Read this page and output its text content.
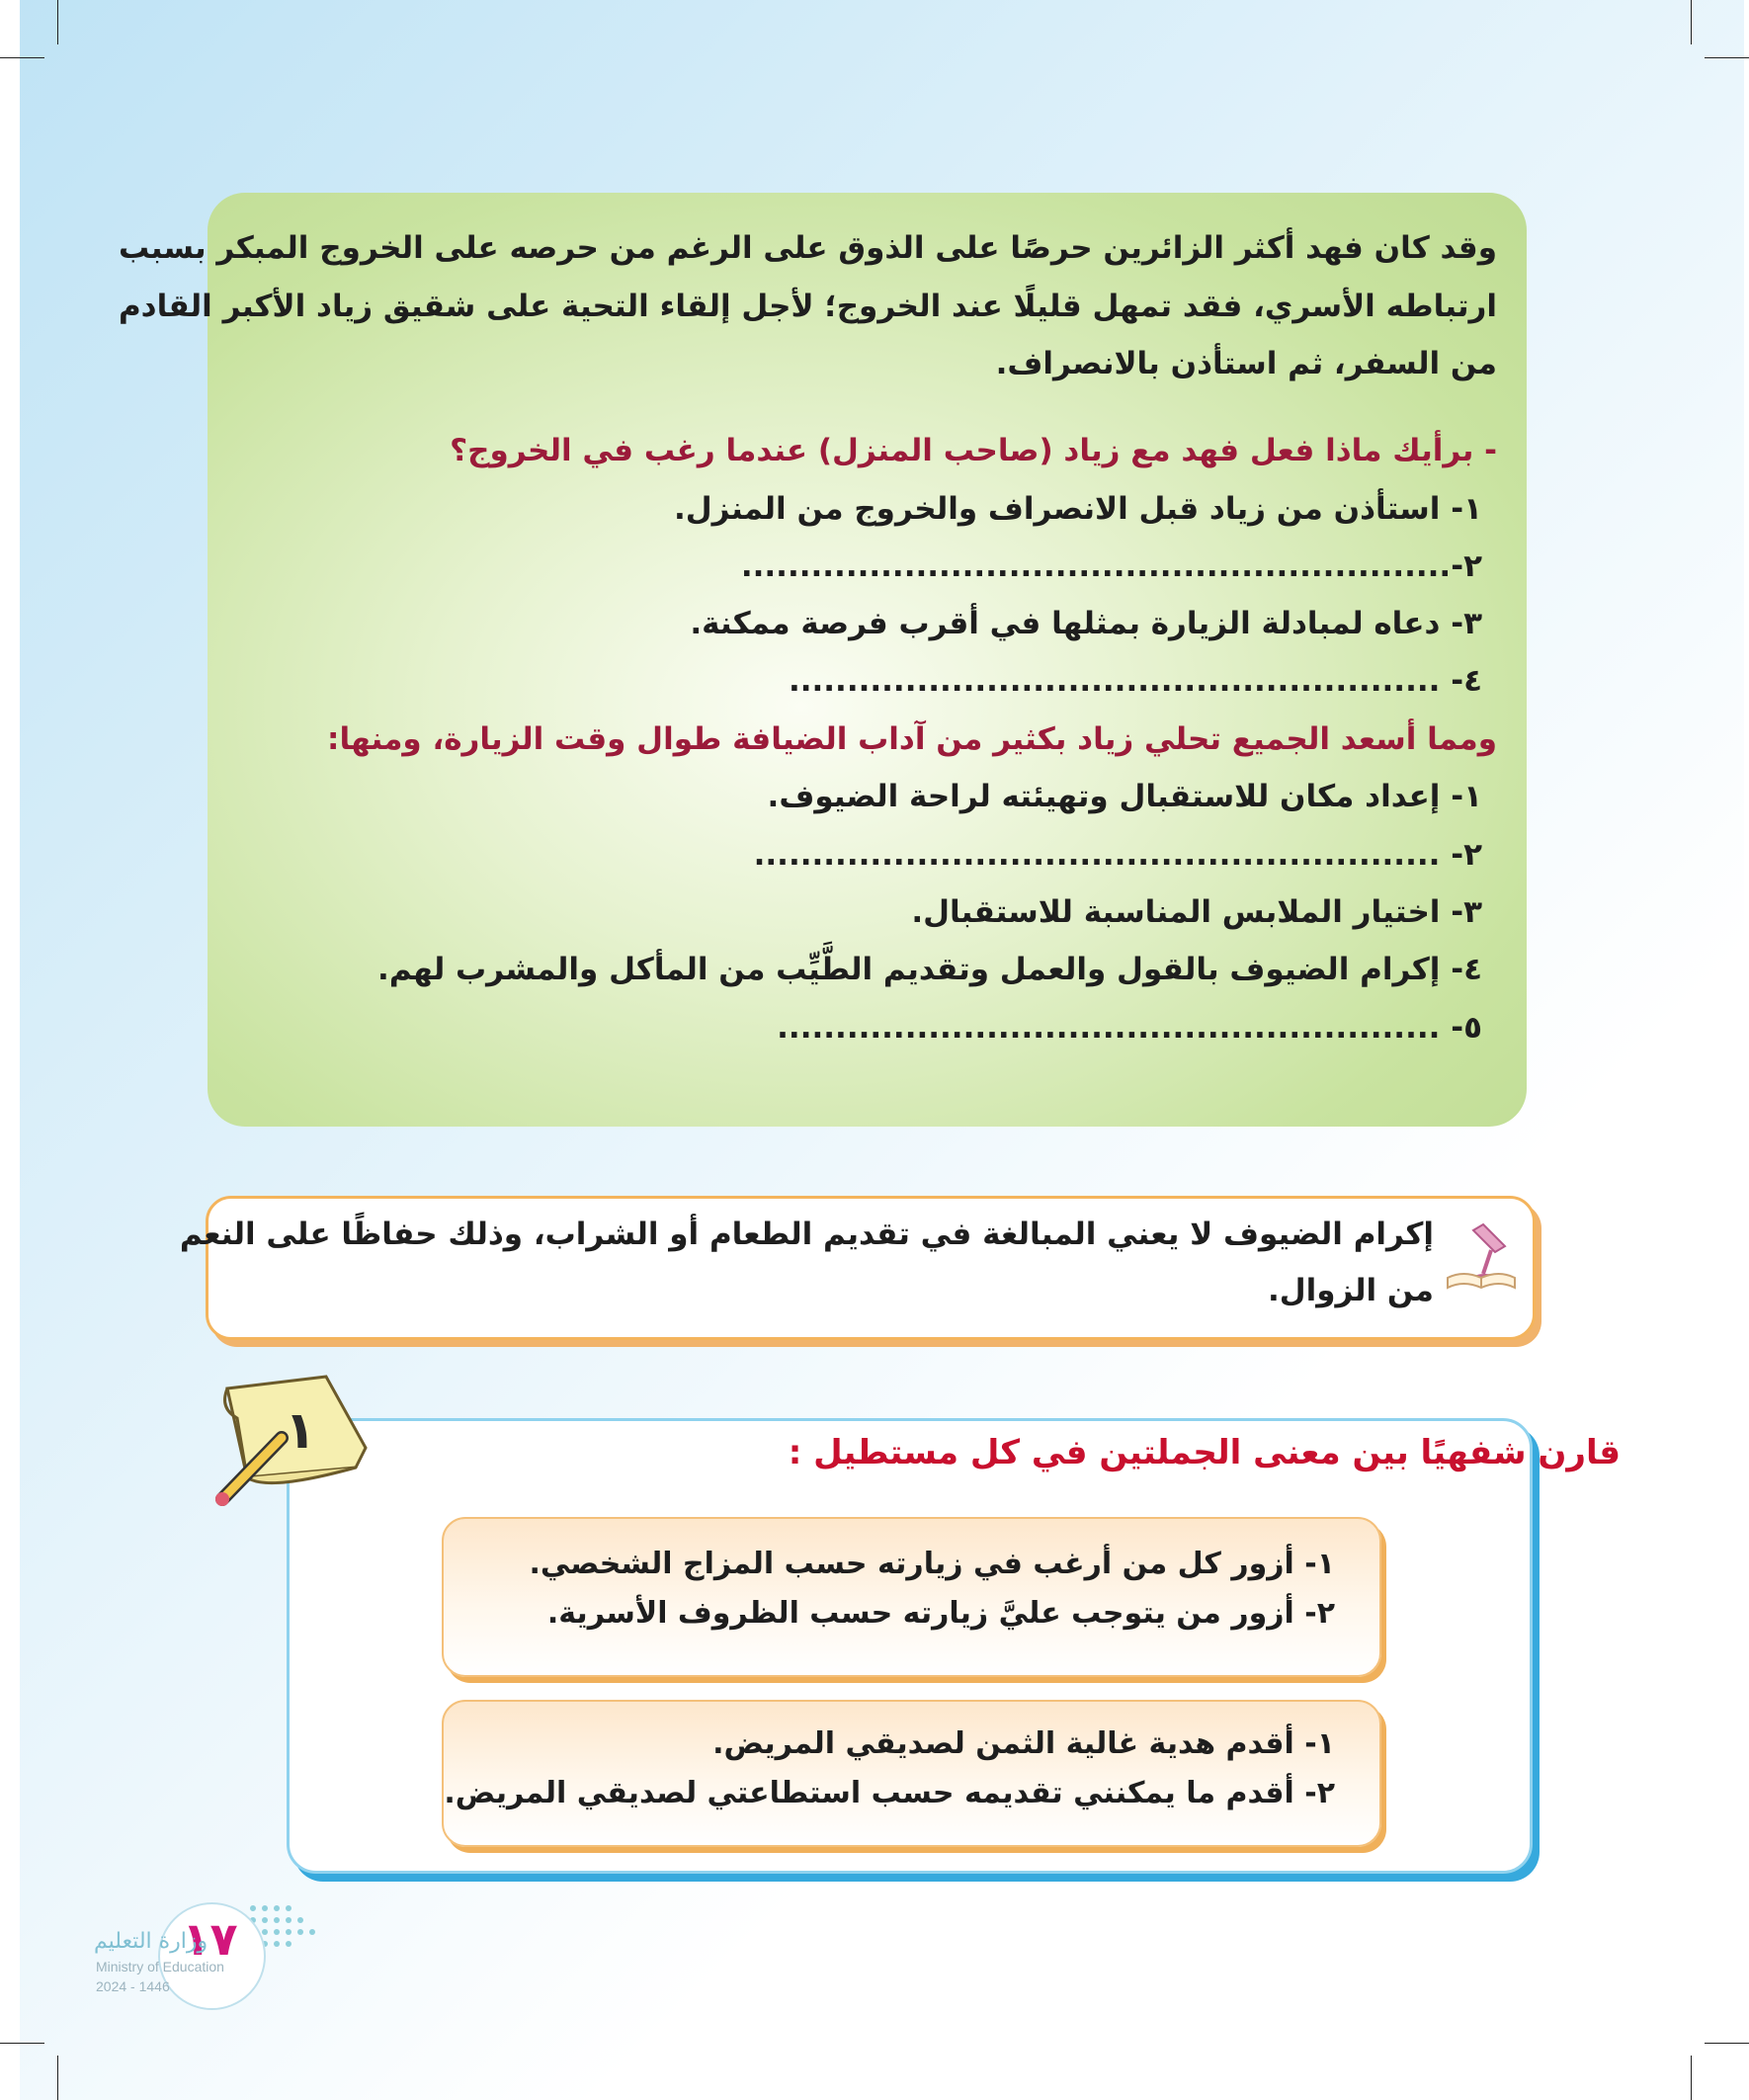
وقد كان فهد أكثر الزائرين حرصًا على الذوق على الرغم من حرصه على الخروج المبكر بسبب
ارتباطه الأسري، فقد تمهل قليلًا عند الخروج؛ لأجل إلقاء التحية على شقيق زياد الأكبر القادم
من السفر، ثم استأذن بالانصراف.
- برأيك ماذا فعل فهد مع زياد (صاحب المنزل) عندما رغب في الخروج؟
١- استأذن من زياد قبل الانصراف والخروج من المنزل.
٢-.............................................................
٣- دعاه لمبادلة الزيارة بمثلها في أقرب فرصة ممكنة.
٤- ........................................................
ومما أسعد الجميع تحلي زياد بكثير من آداب الضيافة طوال وقت الزيارة، ومنها:
١- إعداد مكان للاستقبال وتهيئته لراحة الضيوف.
٢- ...........................................................
٣- اختيار الملابس المناسبة للاستقبال.
٤- إكرام الضيوف بالقول والعمل وتقديم الطَّيِّب من المأكل والمشرب لهم.
٥- .........................................................
إكرام الضيوف لا يعني المبالغة في تقديم الطعام أو الشراب، وذلك حفاظًا على النعم
من الزوال.
١	قارن شفهيًا بين معنى الجملتين في كل مستطيل :
١- أزور كل من أرغب في زيارته حسب المزاج الشخصي.
٢- أزور من يتوجب عليَّ زيارته حسب الظروف الأسرية.
١- أقدم هدية غالية الثمن لصديقي المريض.
٢- أقدم ما يمكنني تقديمه حسب استطاعتي لصديقي المريض.
١٧
وزارة التعليم
Ministry of Education
2024 - 1446
